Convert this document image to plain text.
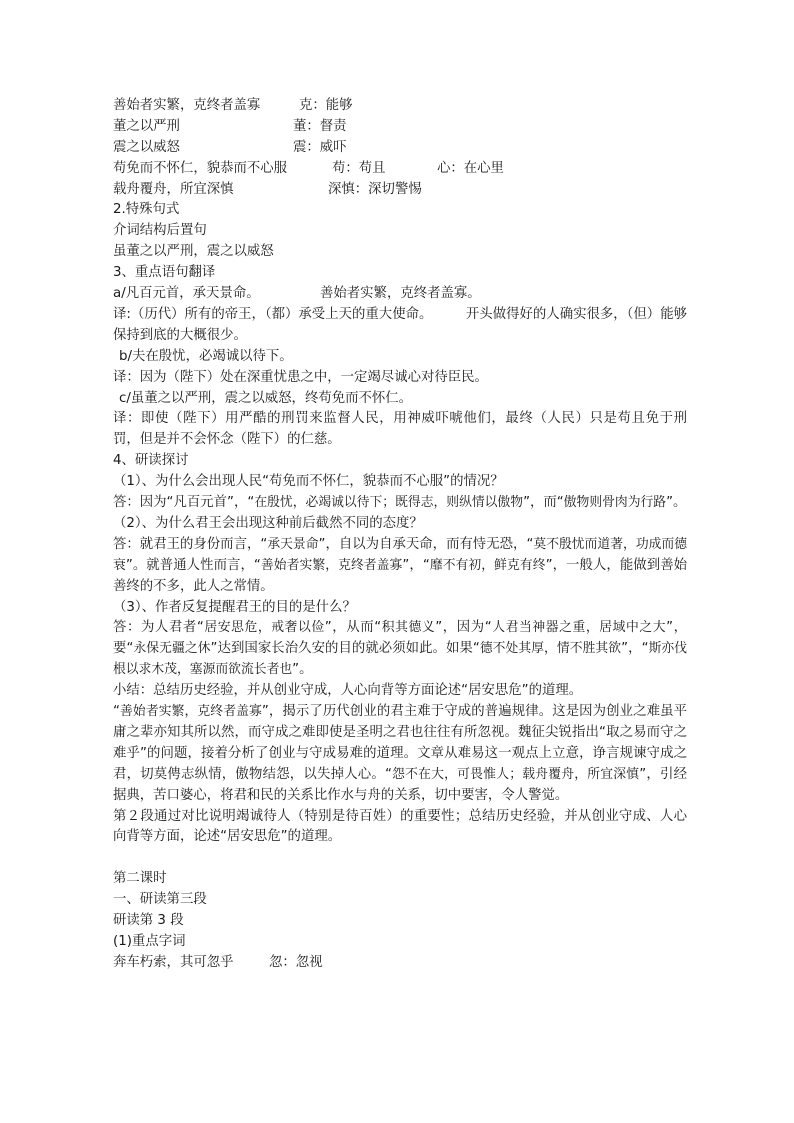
善始者实繁，克终者盖寡	克：能够
董之以严刑	董：督责
震之以威怒	震：威吓
苟免而不怀仁，貌恭而不心服	苟：苟且	心：在心里
载舟覆舟，所宜深慎	深慎：深切警惕
2.特殊句式
介词结构后置句
虽董之以严刑，震之以威怒
3、重点语句翻译
a/凡百元首，承天景命。	善始者实繁，克终者盖寡。
译:（历代）所有的帝王，（都）承受上天的重大使命。　　　开头做得好的人确实很多，（但）能够保持到底的大概很少。
b/夫在殷忧，必竭诚以待下。
译：因为（陛下）处在深重忧患之中，一定竭尽诚心对待臣民。
c/虽董之以严刑，震之以威怒，终苟免而不怀仁。
译：即使（陛下）用严酷的刑罚来监督人民，用神威吓唬他们，最终（人民）只是苟且免于刑罚，但是并不会怀念（陛下）的仁慈。
4、研读探讨
（1）、为什么会出现人民“苟免而不怀仁，貌恭而不心服”的情况？
答：因为“凡百元首”，“在殷忧，必竭诚以待下；既得志，则纵情以傲物”，而“傲物则骨肉为行路”。
（2）、为什么君王会出现这种前后截然不同的态度？
答：就君王的身份而言，“承天景命”，自以为自承天命，而有恃无恐，“莫不殷忧而道著，功成而德衰”。就普通人性而言，“善始者实繁，克终者盖寡”，“靡不有初，鲜克有终”，一般人，能做到善始善终的不多，此人之常情。
（3）、作者反复提醒君王的目的是什么？
答：为人君者“居安思危，戒奢以俭”，从而“积其德义”，因为“人君当神器之重，居域中之大”，要“永保无疆之休”达到国家长治久安的目的就必须如此。如果“德不处其厚，情不胜其欲”，“斯亦伐根以求木茂，塞源而欲流长者也”。
小结：总结历史经验，并从创业守成，人心向背等方面论述“居安思危”的道理。
“善始者实繁，克终者盖寡”，揭示了历代创业的君主难于守成的普遍规律。这是因为创业之难虽平庸之辈亦知其所以然，而守成之难即使是圣明之君也往往有所忽视。魏征尖锐指出“取之易而守之难乎”的问题，接着分析了创业与守成易难的道理。文章从难易这一观点上立意，诤言规谏守成之君，切莫俜志纵情，傲物结怨，以失掉人心。“怨不在大，可畏惟人；载舟覆舟，所宜深慎”，引经据典，苦口婆心，将君和民的关系比作水与舟的关系，切中要害，令人警觉。
第２段通过对比说明竭诚待人（特别是待百姓）的重要性；总结历史经验，并从创业守成、人心向背等方面，论述“居安思危”的道理。
第二课时
一、研读第三段
研读第 3 段
(1)重点字词
奔车朽索，其可忽乎	忽：忽视
